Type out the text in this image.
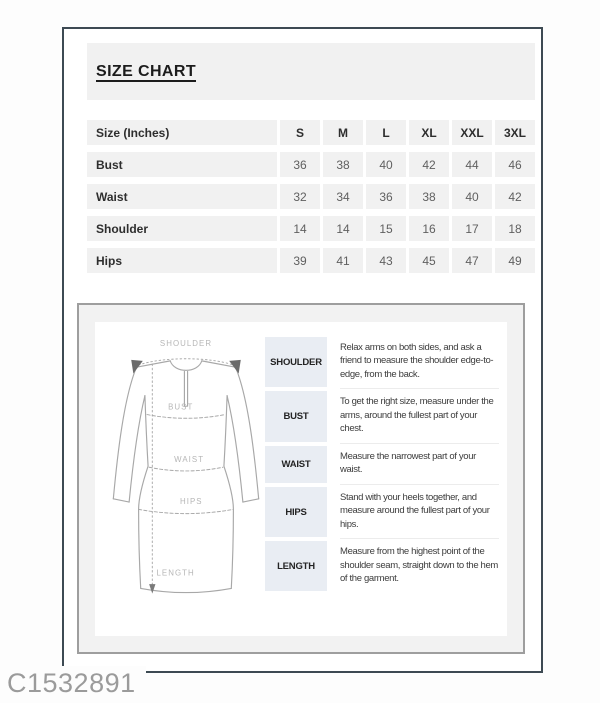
SIZE CHART
Size (Inches)	S	M	L	XL	XXL	3XL
Bust	36	38	40	42	44	46
Waist	32	34	36	38	40	42
Shoulder	14	14	15	16	17	18
Hips	39	41	43	45	47	49
SHOULDER
BUST
WAIST
HIPS
LENGTH
SHOULDER
Relax arms on both sides, and ask a friend to measure the shoulder edge-to-edge, from the back.
BUST
To get the right size, measure under the arms, around the fullest part of your chest.
WAIST
Measure the narrowest part of your waist.
HIPS
Stand with your heels together, and measure around the fullest part of your hips.
LENGTH
Measure from the highest point of the shoulder seam, straight down to the hem of the garment.
C1532891
